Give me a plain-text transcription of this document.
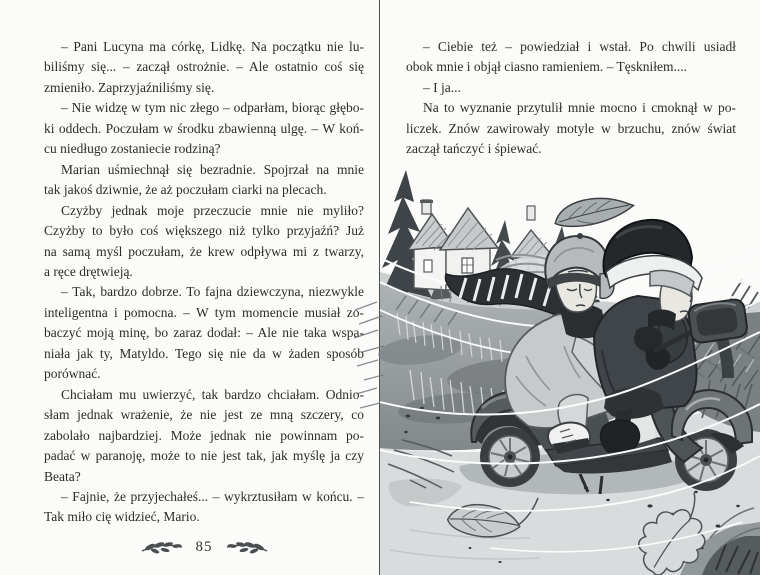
– Pani Lucyna ma córkę, Lidkę. Na początku nie lu-
biliśmy się... – zaczął ostrożnie. – Ale ostatnio coś się
zmieniło. Zaprzyjaźniliśmy się.
– Nie widzę w tym nic złego – odparłam, biorąc głębo-
ki oddech. Poczułam w środku zbawienną ulgę. – W koń-
cu niedługo zostaniecie rodziną?
Marian uśmiechnął się bezradnie. Spojrzał na mnie
tak jakoś dziwnie, że aż poczułam ciarki na plecach.
Czyżby jednak moje przeczucie mnie nie myliło?
Czyżby to było coś większego niż tylko przyjaźń? Już
na samą myśl poczułam, że krew odpływa mi z twarzy,
a ręce drętwieją.
– Tak, bardzo dobrze. To fajna dziewczyna, niezwykle
inteligentna i pomocna. – W tym momencie musiał zo-
baczyć moją minę, bo zaraz dodał: – Ale nie taka wspa-
niała jak ty, Matyldo. Tego się nie da w żaden sposób
porównać.
Chciałam mu uwierzyć, tak bardzo chciałam. Odnio-
słam jednak wrażenie, że nie jest ze mną szczery, co
zabolało najbardziej. Może jednak nie powinnam po-
padać w paranoję, może to nie jest tak, jak myślę ja czy
Beata?
– Fajnie, że przyjechałeś... – wykrztusiłam w końcu. –
Tak miło cię widzieć, Mario.
– Ciebie też – powiedział i wstał. Po chwili usiadł
obok mnie i objął ciasno ramieniem. – Tęskniłem....
– I ja...
Na to wyznanie przytulił mnie mocno i cmoknął w po-
liczek. Znów zawirowały motyle w brzuchu, znów świat
zaczął tańczyć i śpiewać.
85
